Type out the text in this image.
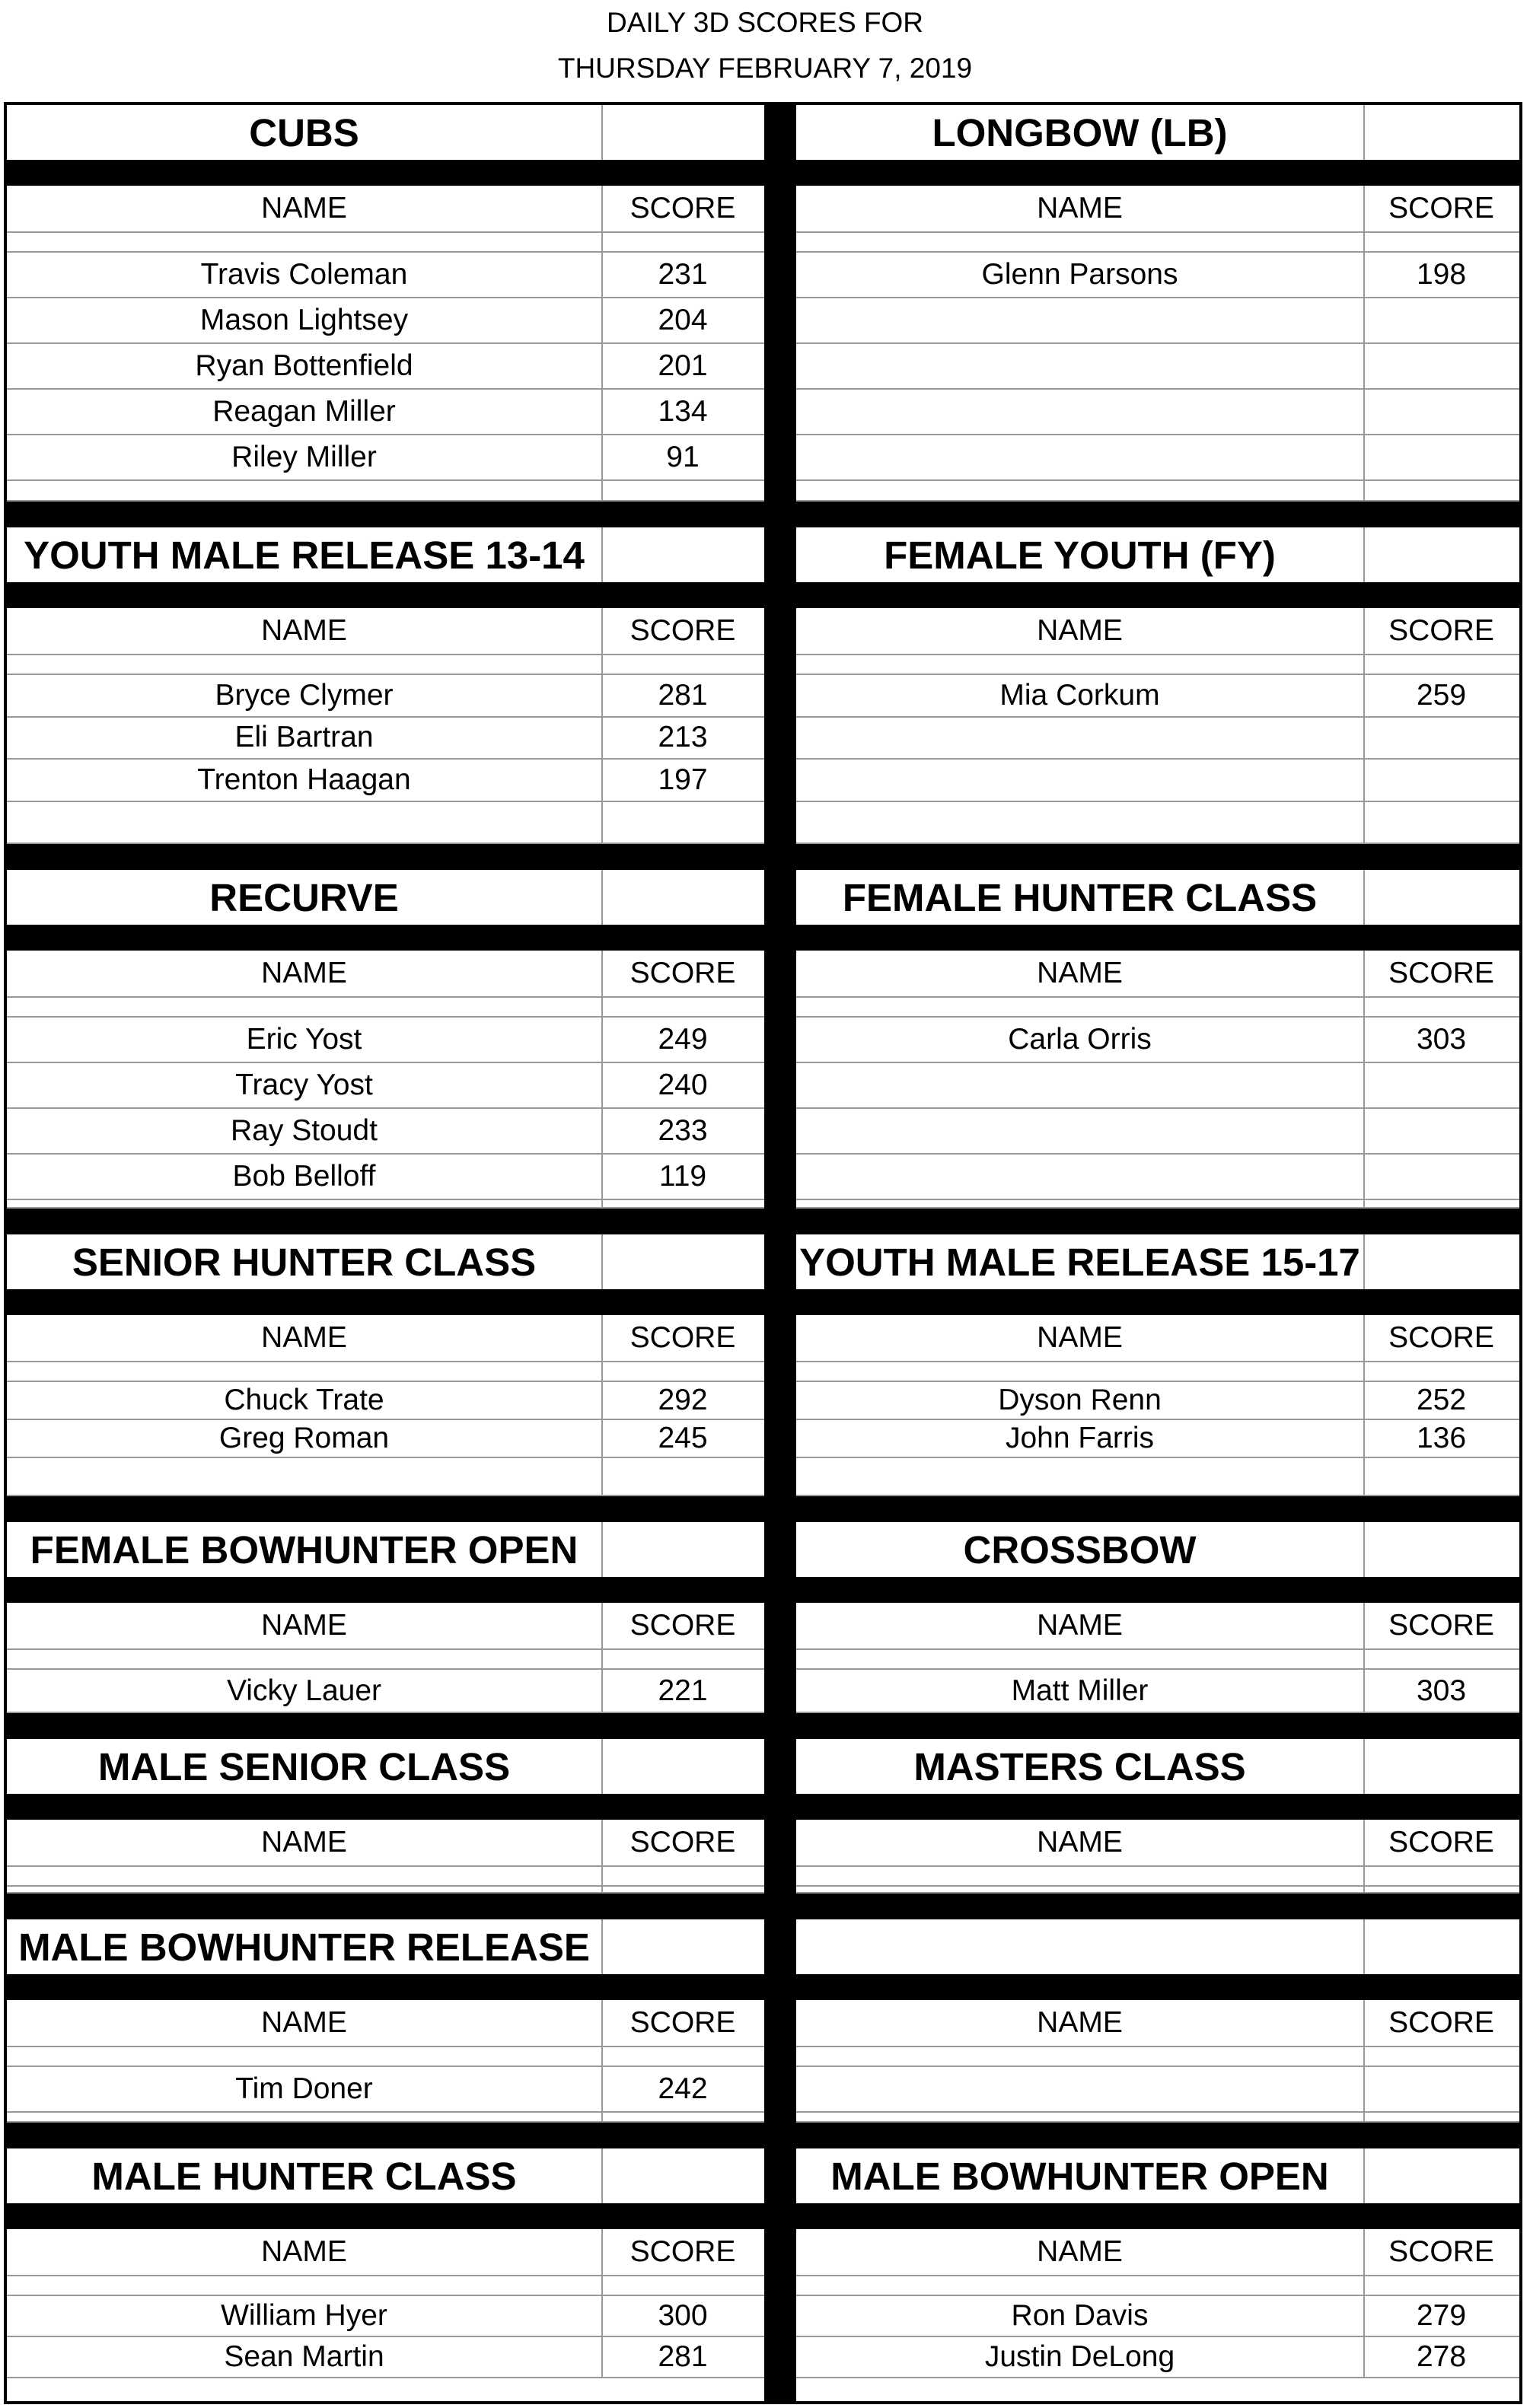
DAILY 3D SCORES FOR
THURSDAY FEBRUARY 7, 2019
CUBS
NAME	SCORE
Travis Coleman	231
Mason Lightsey	204
Ryan Bottenfield	201
Reagan Miller	134
Riley Miller	91
YOUTH MALE RELEASE 13-14
NAME	SCORE
Bryce Clymer	281
Eli Bartran	213
Trenton Haagan	197
RECURVE
NAME	SCORE
Eric Yost	249
Tracy Yost	240
Ray Stoudt	233
Bob Belloff	119
SENIOR HUNTER CLASS
NAME	SCORE
Chuck Trate	292
Greg Roman	245
FEMALE BOWHUNTER OPEN
NAME	SCORE
Vicky Lauer	221
MALE SENIOR CLASS
NAME	SCORE
MALE BOWHUNTER RELEASE
NAME	SCORE
Tim Doner	242
MALE HUNTER CLASS
NAME	SCORE
William Hyer	300
Sean Martin	281
LONGBOW (LB)
NAME	SCORE
Glenn Parsons	198
FEMALE YOUTH (FY)
NAME	SCORE
Mia Corkum	259
FEMALE HUNTER CLASS
NAME	SCORE
Carla Orris	303
YOUTH MALE RELEASE 15-17
NAME	SCORE
Dyson Renn	252
John Farris	136
CROSSBOW
NAME	SCORE
Matt Miller	303
MASTERS CLASS
NAME	SCORE
NAME	SCORE
MALE BOWHUNTER OPEN
NAME	SCORE
Ron Davis	279
Justin DeLong	278
